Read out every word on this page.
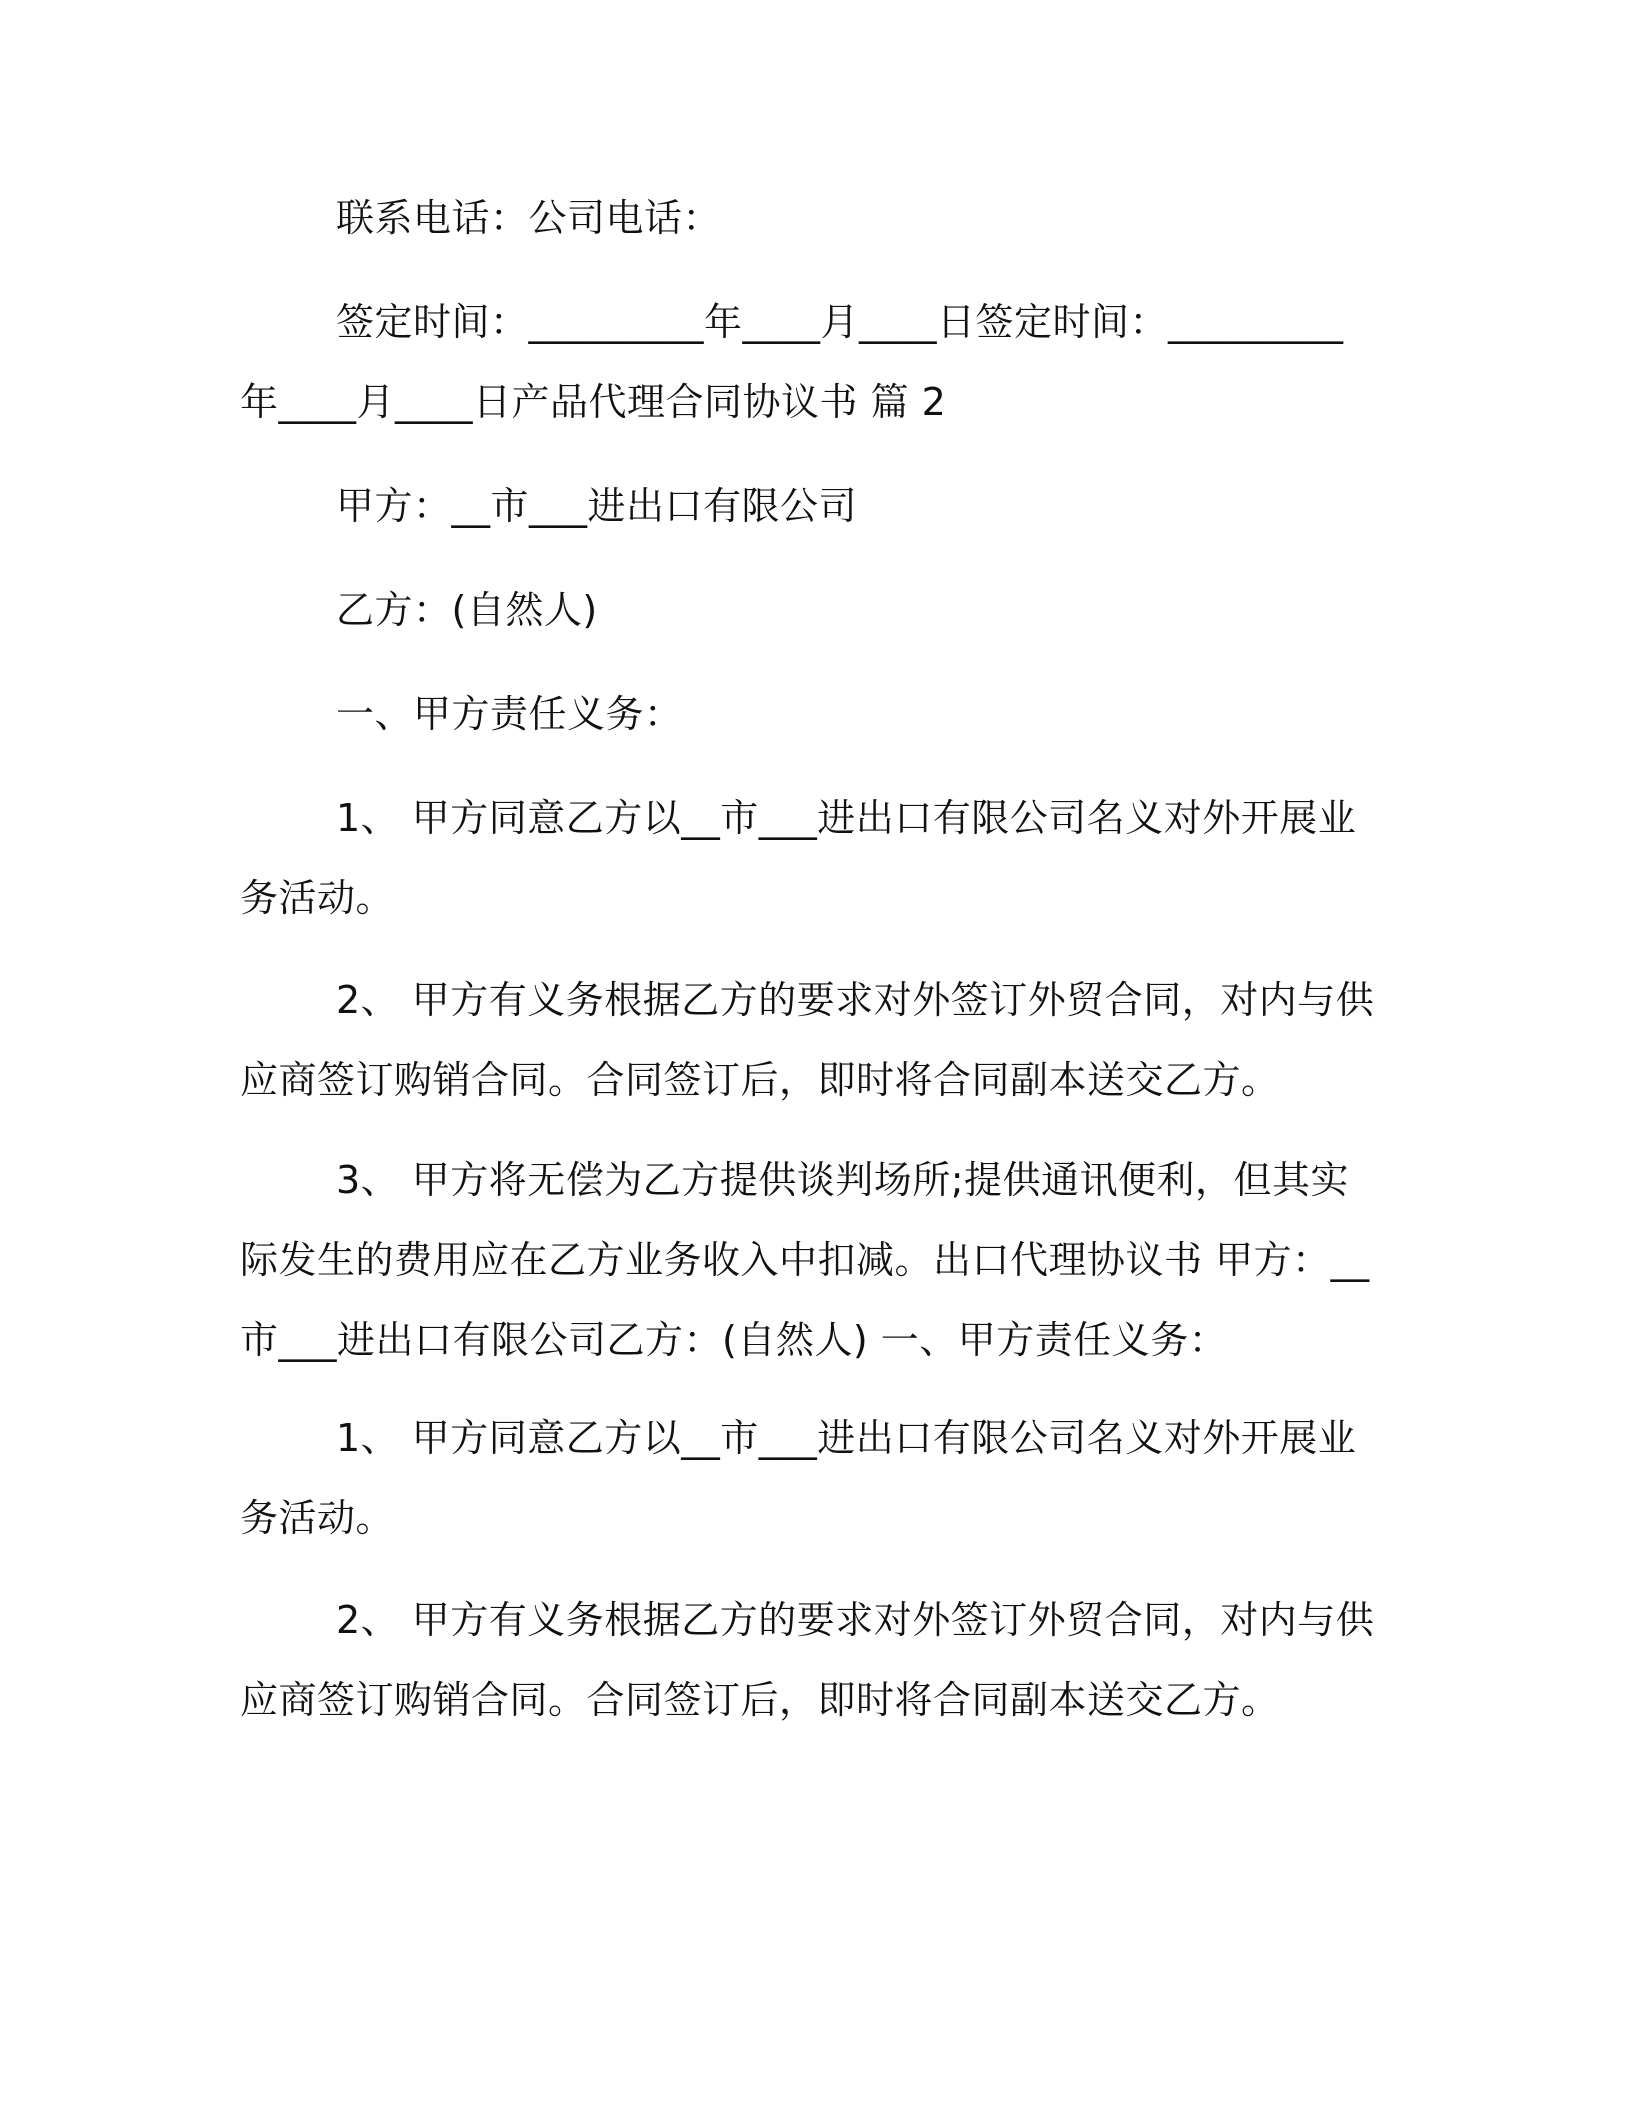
联系电话：公司电话：

签定时间：_________年____月____日签定时间：_________年____月____日产品代理合同协议书 篇 2

甲方：__市___进出口有限公司

乙方：(自然人)

一、甲方责任义务：

1、 甲方同意乙方以__市___进出口有限公司名义对外开展业务活动。

2、 甲方有义务根据乙方的要求对外签订外贸合同，对内与供应商签订购销合同。合同签订后，即时将合同副本送交乙方。

3、 甲方将无偿为乙方提供谈判场所;提供通讯便利，但其实际发生的费用应在乙方业务收入中扣减。出口代理协议书 甲方：__市___进出口有限公司乙方：(自然人) 一、甲方责任义务：

1、 甲方同意乙方以__市___进出口有限公司名义对外开展业务活动。

2、 甲方有义务根据乙方的要求对外签订外贸合同，对内与供应商签订购销合同。合同签订后，即时将合同副本送交乙方。
